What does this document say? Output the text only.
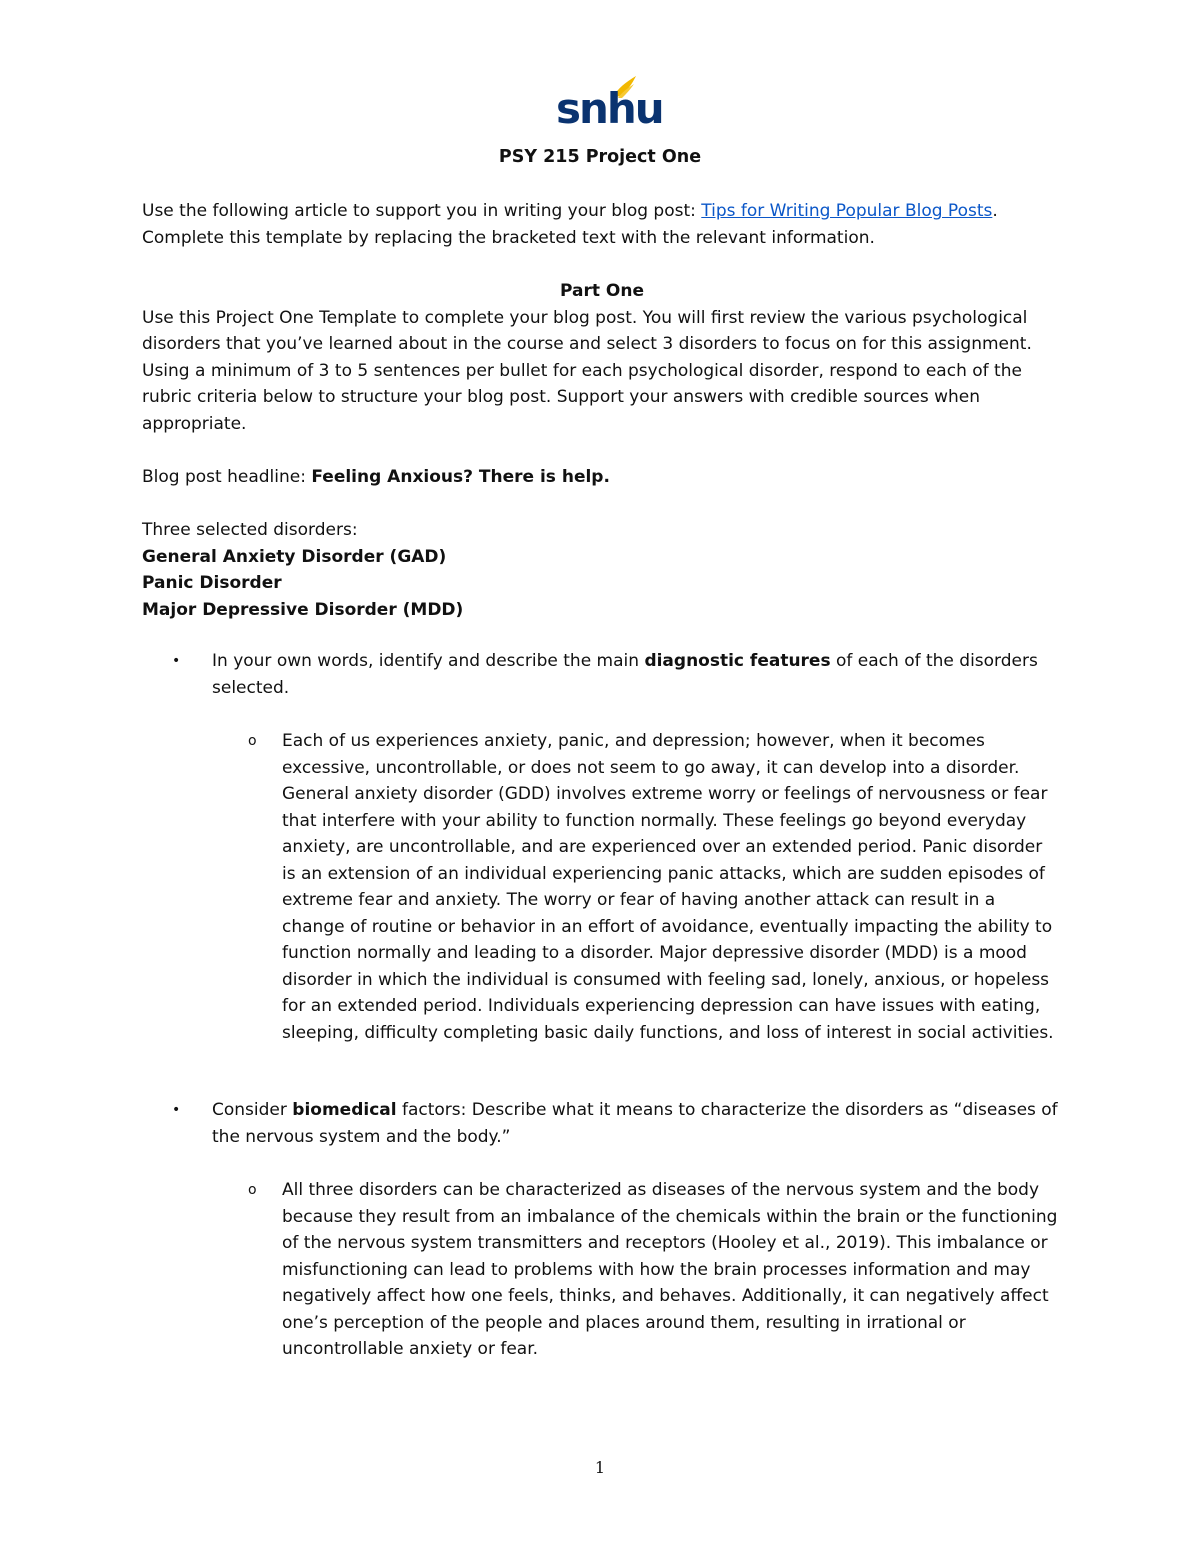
snhu
PSY 215 Project One

Use the following article to support you in writing your blog post: Tips for Writing Popular Blog Posts.

Complete this template by replacing the bracketed text with the relevant information.

Part One

Use this Project One Template to complete your blog post. You will first review the various psychological disorders that you’ve learned about in the course and select 3 disorders to focus on for this assignment. Using a minimum of 3 to 5 sentences per bullet for each psychological disorder, respond to each of the rubric criteria below to structure your blog post. Support your answers with credible sources when appropriate.

Blog post headline: Feeling Anxious? There is help.

Three selected disorders:

General Anxiety Disorder (GAD)

Panic Disorder

Major Depressive Disorder (MDD)

• In your own words, identify and describe the main diagnostic features of each of the disorders selected.
o Each of us experiences anxiety, panic, and depression; however, when it becomes excessive, uncontrollable, or does not seem to go away, it can develop into a disorder. General anxiety disorder (GDD) involves extreme worry or feelings of nervousness or fear that interfere with your ability to function normally. These feelings go beyond everyday anxiety, are uncontrollable, and are experienced over an extended period. Panic disorder is an extension of an individual experiencing panic attacks, which are sudden episodes of extreme fear and anxiety. The worry or fear of having another attack can result in a change of routine or behavior in an effort of avoidance, eventually impacting the ability to function normally and leading to a disorder. Major depressive disorder (MDD) is a mood disorder in which the individual is consumed with feeling sad, lonely, anxious, or hopeless for an extended period. Individuals experiencing depression can have issues with eating, sleeping, difficulty completing basic daily functions, and loss of interest in social activities.
• Consider biomedical factors: Describe what it means to characterize the disorders as “diseases of the nervous system and the body.”
o All three disorders can be characterized as diseases of the nervous system and the body because they result from an imbalance of the chemicals within the brain or the functioning of the nervous system transmitters and receptors (Hooley et al., 2019). This imbalance or misfunctioning can lead to problems with how the brain processes information and may negatively affect how one feels, thinks, and behaves. Additionally, it can negatively affect one’s perception of the people and places around them, resulting in irrational or uncontrollable anxiety or fear.
1
